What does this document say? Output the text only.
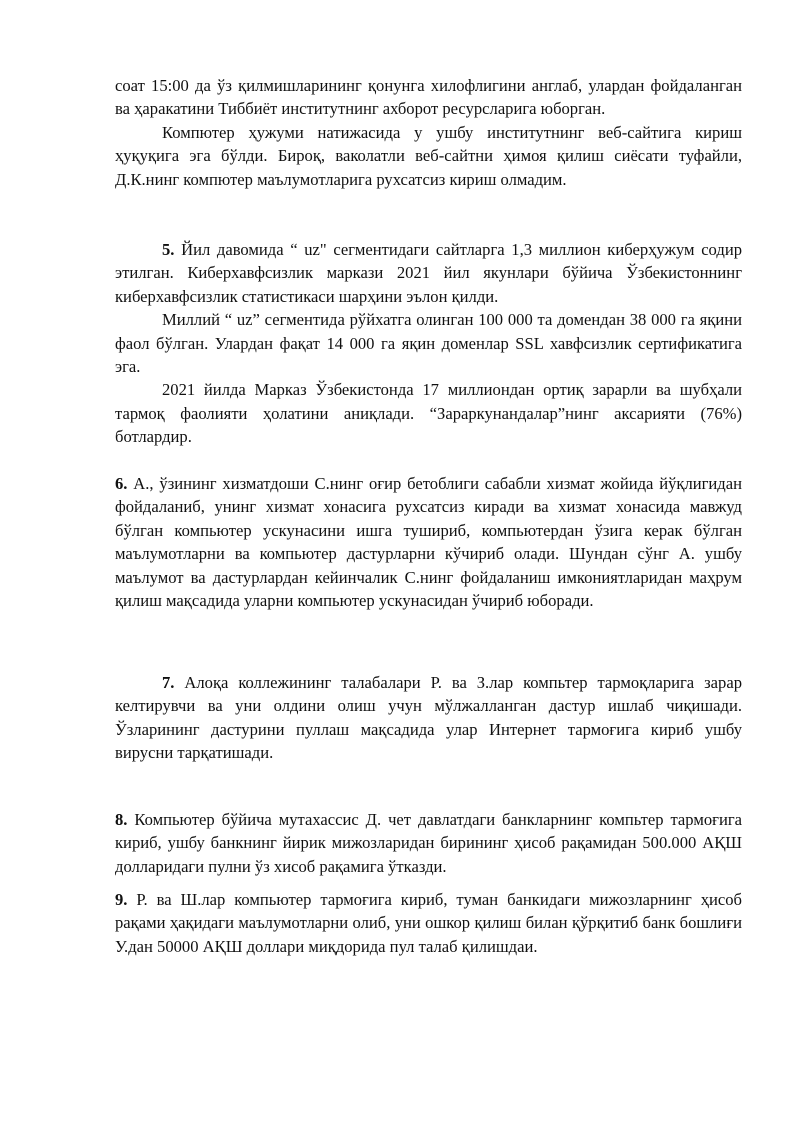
соат 15:00 да ўз қилмишларининг қонунга хилофлигини англаб, улардан фойдаланган ва ҳаракатини Тиббиёт институтнинг ахборот ресурсларига юборган.

Компютер ҳужуми натижасида у ушбу институтнинг веб-сайтига кириш ҳуқуқига эга бўлди. Бироқ, ваколатли веб-сайтни ҳимоя қилиш сиёсати туфайли, Д.К.нинг компютер маълумотларига рухсатсиз кириш олмадим.

5. Йил давомида “ uz" сегментидаги сайтларга 1,3 миллион киберҳужум содир этилган. Киберхавфсизлик маркази 2021 йил якунлари бўйича Ўзбекистоннинг киберхавфсизлик статистикаси шарҳини эълон қилди.

Миллий “ uz” сегментида рўйхатга олинган 100 000 та домендан 38 000 га яқини фаол бўлган. Улардан фақат 14 000 га яқин доменлар SSL хавфсизлик сертификатига эга.

2021 йилда Марказ Ўзбекистонда 17 миллиондан ортиқ зарарли ва шубҳали тармоқ фаолияти ҳолатини аниқлади. “Зараркунандалар”нинг аксарияти (76%) ботлардир.

6. А., ўзининг хизматдоши С.нинг оғир бетоблиги сабабли хизмат жойида йўқлигидан фойдаланиб, унинг хизмат хонасига рухсатсиз киради ва хизмат хонасида мавжуд бўлган компьютер ускунасини ишга тушириб, компьютердан ўзига керак бўлган маълумотларни ва компьютер дастурларни кўчириб олади. Шундан сўнг А. ушбу маълумот ва дастурлардан кейинчалик С.нинг фойдаланиш имкониятларидан маҳрум қилиш мақсадида уларни компьютер ускунасидан ўчириб юборади.

7. Алоқа коллежининг талабалари Р. ва З.лар компьтер тармоқларига зарар келтирувчи ва уни олдини олиш учун мўлжалланган дастур ишлаб чиқишади. Ўзларининг дастурини пуллаш мақсадида улар Интернет тармоғига кириб ушбу вирусни тарқатишади.

8. Компьютер бўйича мутахассис Д. чет давлатдаги банкларнинг компьтер тармоғига кириб, ушбу банкнинг йирик мижозларидан бирининг ҳисоб рақамидан 500.000 АҚШ долларидаги пулни ўз хисоб рақамига ўтказди.

9. Р. ва Ш.лар компьютер тармоғига кириб, туман банкидаги мижозларнинг ҳисоб рақами ҳақидаги маълумотларни олиб, уни ошкор қилиш билан қўрқитиб банк бошлиғи У.дан 50000 АҚШ доллари миқдорида пул талаб қилишдаи.
